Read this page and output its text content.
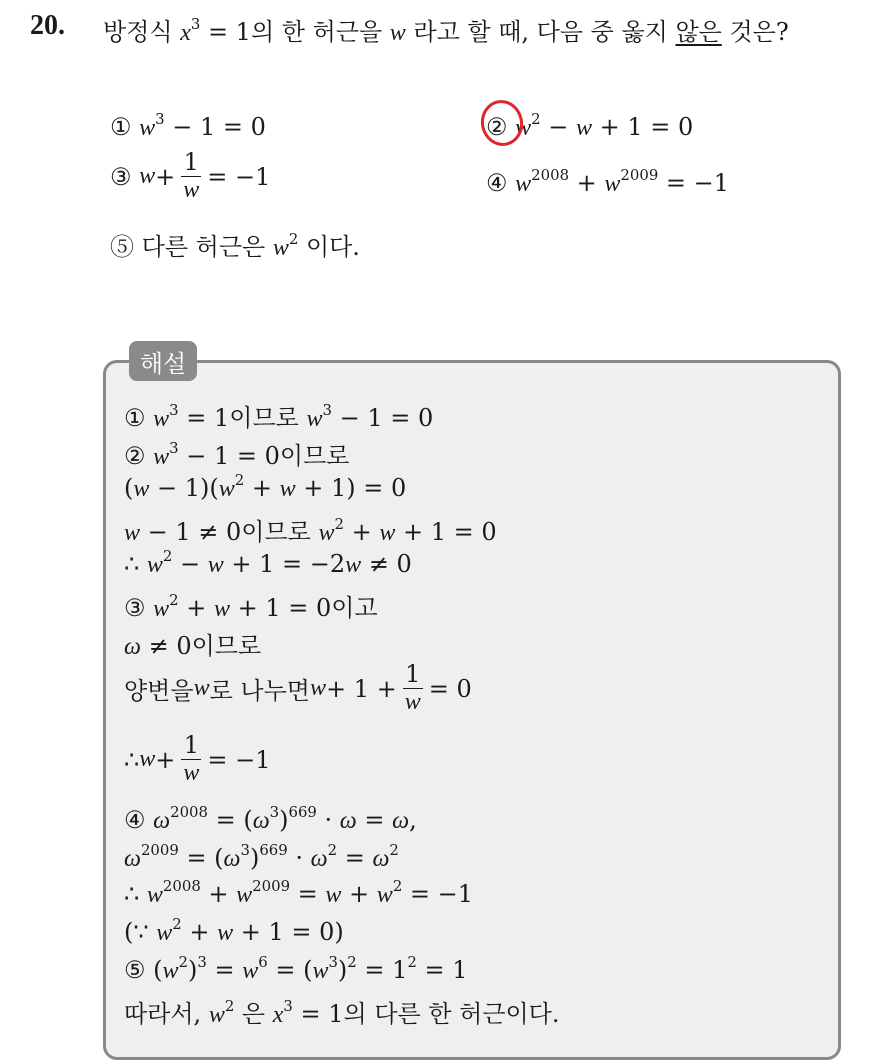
20. 방정식 $x^3 = 1$의 한 허근을 w 라고 할 때, 다음 중 옳지 않은 것은?
① $w^3 - 1 = 0$	② $w^2 - w + 1 = 0$
③
$w + \frac{1}{w} = -1$	④ $w^{2008} + w^{2009} = -1$
⑤ 다른 허근은 $w^2$ 이다.
해설
① $w^3 = 1$이므로 $w^3 - 1 = 0$
② $w^3 - 1 = 0$이므로
$(w - 1)(w^2 + w + 1) = 0$
w − 1 ≠ 0이므로 $w^2 + w + 1 = 0$
∴ $w^2 - w + 1 = -2w \ne 0$
③ $w^2 + w + 1 = 0$이고
ω ≠ 0이므로
양변을 w 로 나누면 $w + 1 + \frac{1}{w} = 0$
∴ $w + \frac{1}{w} = -1$
④ $\omega^{2008} = (\omega^3)^{669} \cdot \omega = \omega$,
$\omega^{2009} = (\omega^3)^{669} \cdot \omega^2 = \omega^2$
∴ $w^{2008} + w^{2009} = w + w^2 = -1$
(∵ $w^2 + w + 1 = 0$)
⑤ $(w^2)^3 = w^6 = (w^3)^2 = 1^2 = 1$
따라서, $w^2$ 은 $x^3 = 1$의 다른 한 허근이다.
